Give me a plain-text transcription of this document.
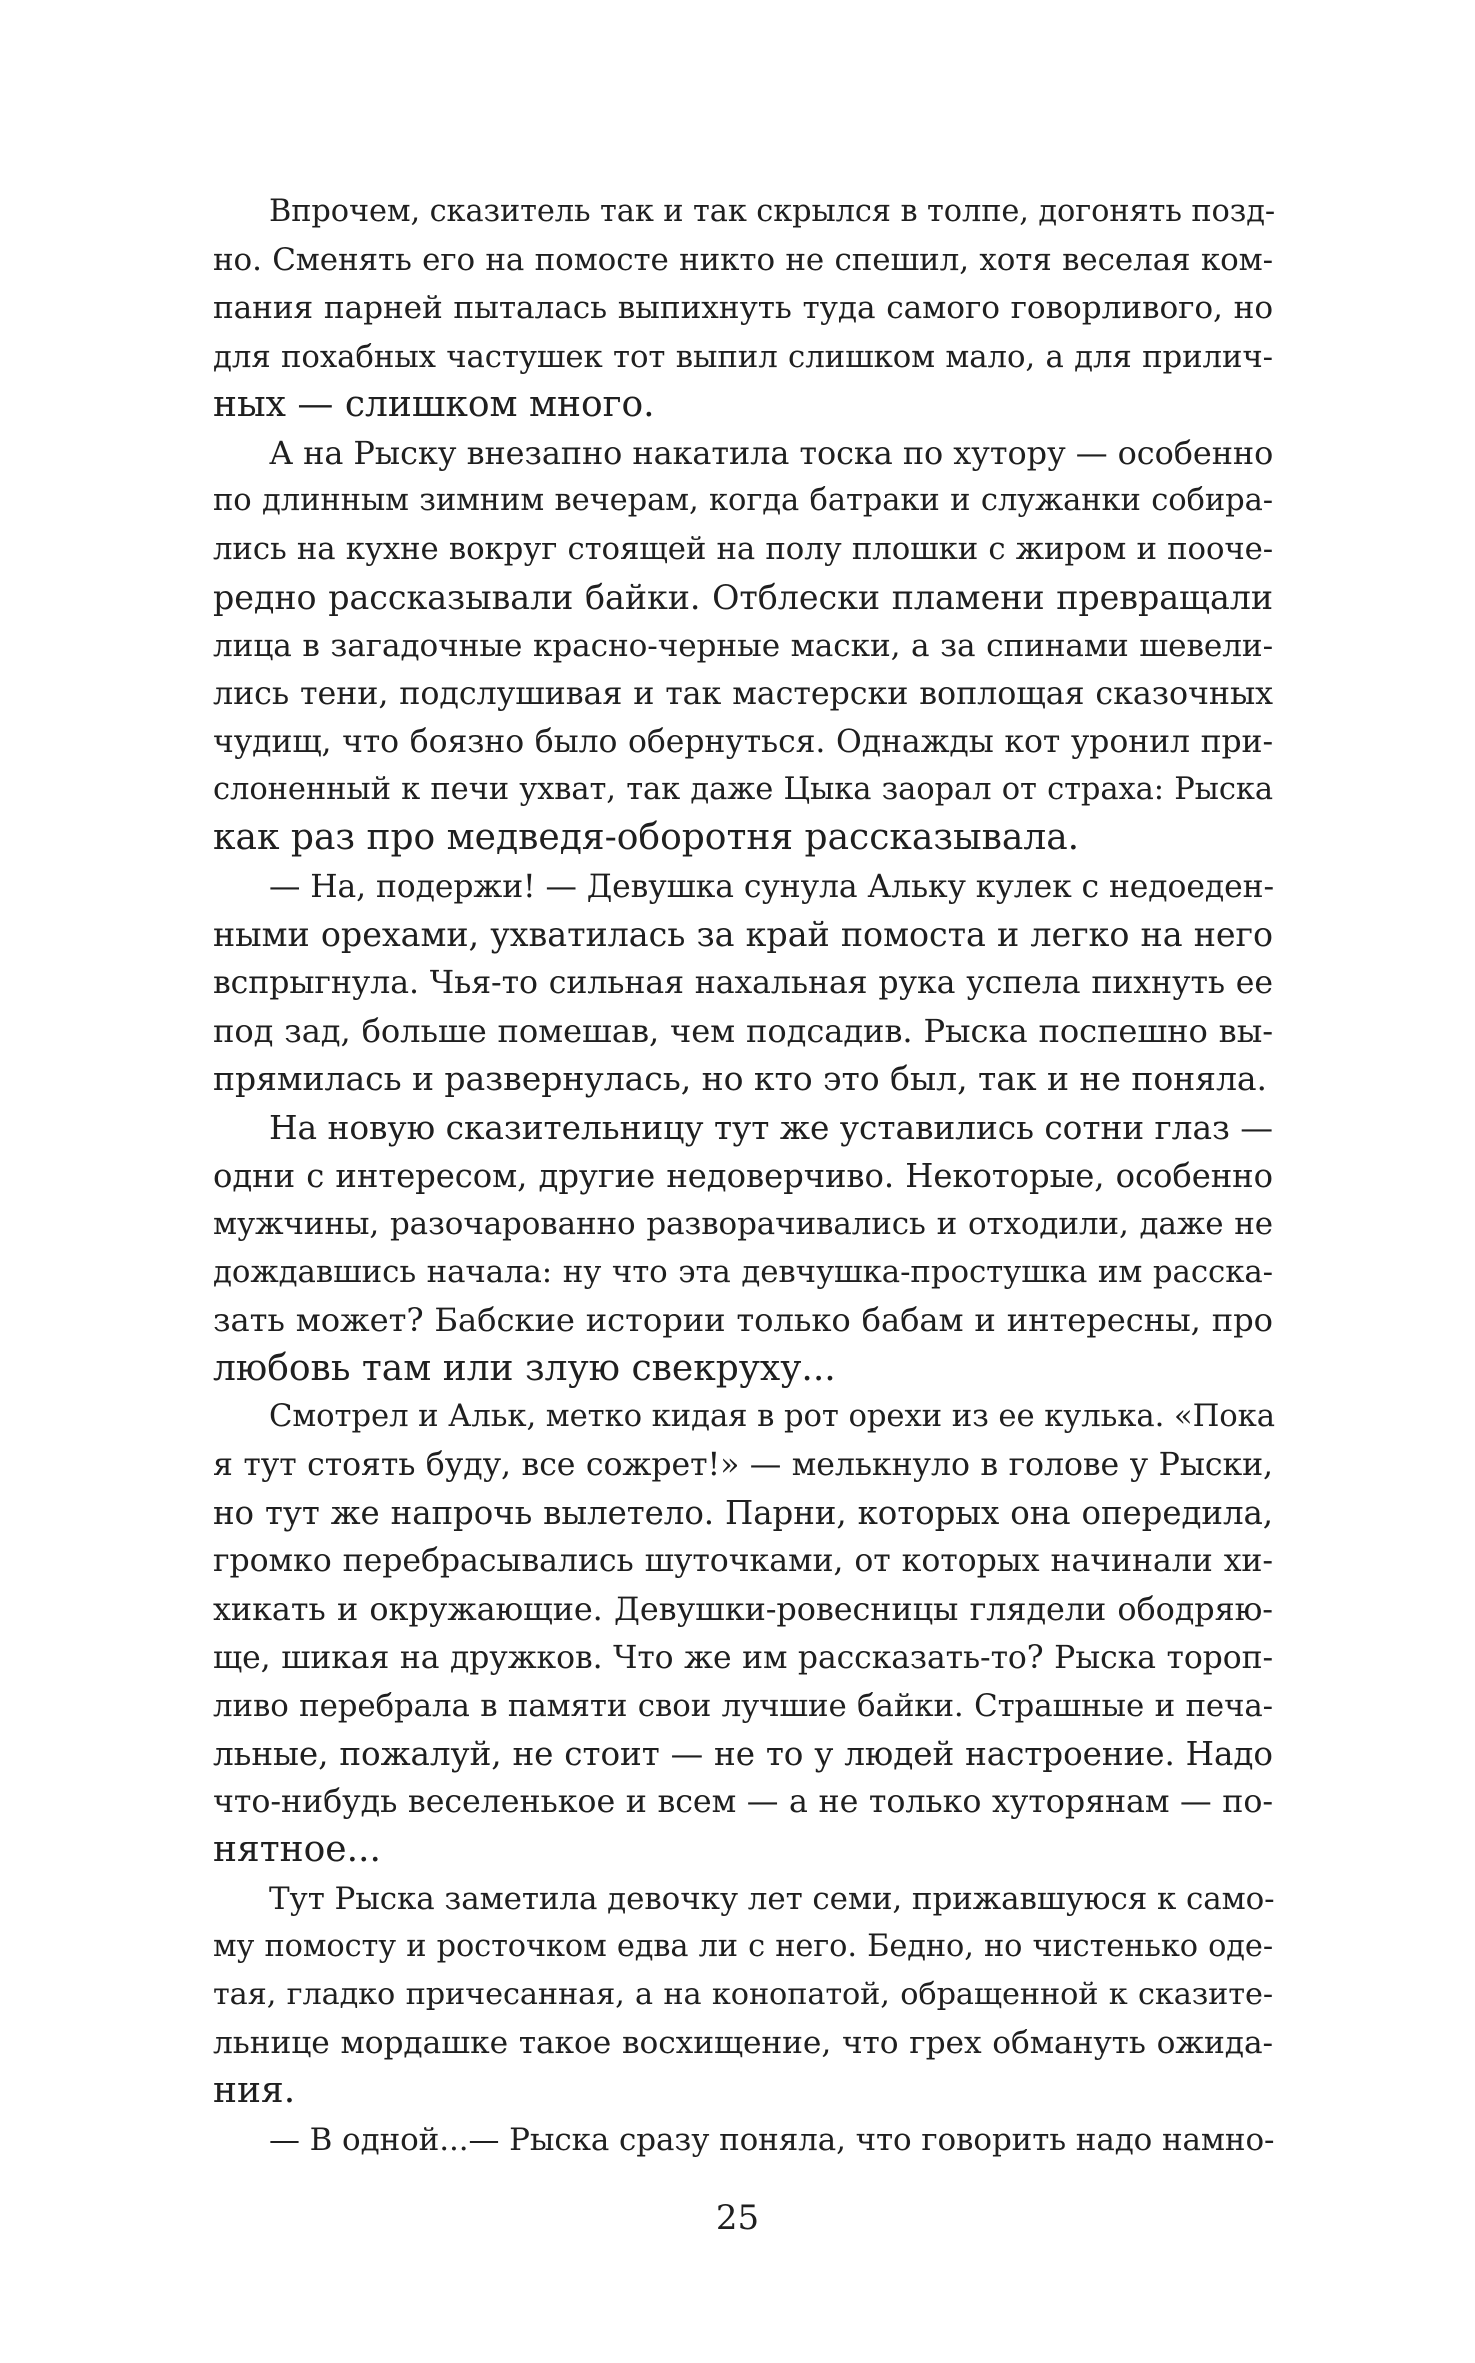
Впрочем, сказитель так и так скрылся в толпе, догонять позд-
но. Сменять его на помосте никто не спешил, хотя веселая ком-
пания парней пыталась выпихнуть туда самого говорливого, но
для похабных частушек тот выпил слишком мало, а для прилич-
ных — слишком много.
А на Рыску внезапно накатила тоска по хутору — особенно
по длинным зимним вечерам, когда батраки и служанки собира-
лись на кухне вокруг стоящей на полу плошки с жиром и пооче-
редно рассказывали байки. Отблески пламени превращали
лица в загадочные красно-черные маски, а за спинами шевели-
лись тени, подслушивая и так мастерски воплощая сказочных
чудищ, что боязно было обернуться. Однажды кот уронил при-
слоненный к печи ухват, так даже Цыка заорал от страха: Рыска
как раз про медведя-оборотня рассказывала.
— На, подержи! — Девушка сунула Альку кулек с недоеден-
ными орехами, ухватилась за край помоста и легко на него
вспрыгнула. Чья-то сильная нахальная рука успела пихнуть ее
под зад, больше помешав, чем подсадив. Рыска поспешно вы-
прямилась и развернулась, но кто это был, так и не поняла.
На новую сказительницу тут же уставились сотни глаз —
одни с интересом, другие недоверчиво. Некоторые, особенно
мужчины, разочарованно разворачивались и отходили, даже не
дождавшись начала: ну что эта девчушка-простушка им расска-
зать может? Бабские истории только бабам и интересны, про
любовь там или злую свекруху...
Смотрел и Альк, метко кидая в рот орехи из ее кулька. «Пока
я тут стоять буду, все сожрет!» — мелькнуло в голове у Рыски,
но тут же напрочь вылетело. Парни, которых она опередила,
громко перебрасывались шуточками, от которых начинали хи-
хикать и окружающие. Девушки-ровесницы глядели ободряю-
ще, шикая на дружков. Что же им рассказать-то? Рыска тороп-
ливо перебрала в памяти свои лучшие байки. Страшные и печа-
льные, пожалуй, не стоит — не то у людей настроение. Надо
что-нибудь веселенькое и всем — а не только хуторянам — по-
нятное...
Тут Рыска заметила девочку лет семи, прижавшуюся к само-
му помосту и росточком едва ли с него. Бедно, но чистенько оде-
тая, гладко причесанная, а на конопатой, обращенной к сказите-
льнице мордашке такое восхищение, что грех обмануть ожида-
ния.
— В одной...— Рыска сразу поняла, что говорить надо намно-
25
